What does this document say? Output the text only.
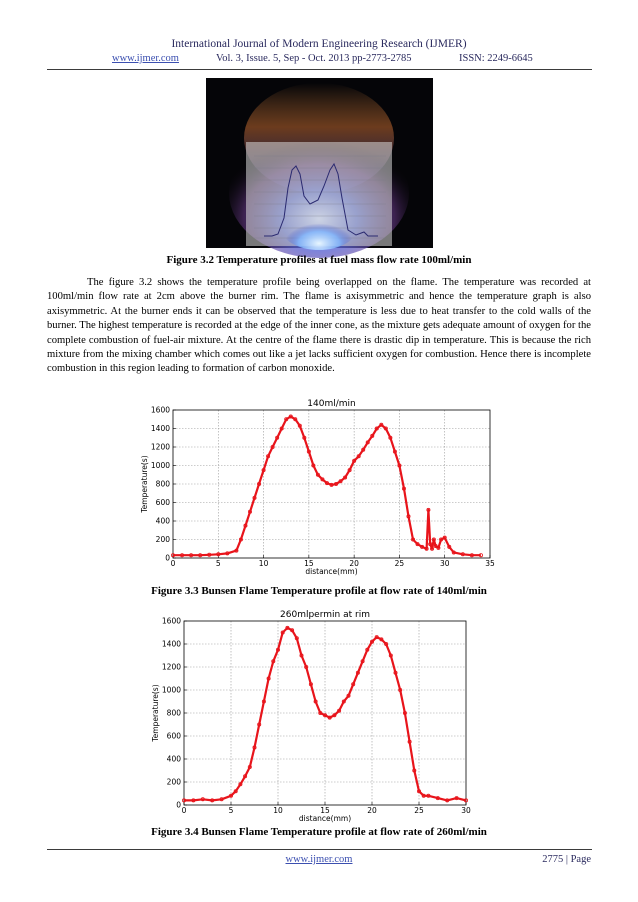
International Journal of Modern Engineering Research (IJMER)
www.ijmer.com	Vol. 3, Issue. 5, Sep - Oct. 2013 pp-2773-2785	ISSN: 2249-6645
Figure 3.2 Temperature profiles at fuel mass flow rate 100ml/min

The figure 3.2 shows the temperature profile being overlapped on the flame. The temperature was recorded at 100ml/min flow rate at 2cm above the burner rim. The flame is axisymmetric and hence the temperature graph is also axisymmetric. At the burner ends it can be observed that the temperature is less due to heat transfer to the cold walls of the burner. The highest temperature is recorded at the edge of the inner cone, as the mixture gets adequate amount of oxygen for the complete combustion of fuel-air mixture. At the centre of the flame there is drastic dip in temperature. This is because the rich mixture from the mixing chamber which comes out like a jet lacks sufficient oxygen for combustion. Hence there is incomplete combustion in this region leading to formation of carbon monoxide.

0	5	10	15	20	25	30	35
0
200
400
600
800
1000
1200
1400
1600
140ml/min
distance(mm)
Temperature(s)
Figure 3.3 Bunsen Flame Temperature profile at flow rate of 140ml/min
0	5	10	15	20	25	30
0
200
400
600
800
1000
1200
1400
1600
260mlpermin at rim
distance(mm)
Temperature(s)
Figure 3.4 Bunsen Flame Temperature profile at flow rate of 260ml/min
www.ijmer.com	2775 | Page
